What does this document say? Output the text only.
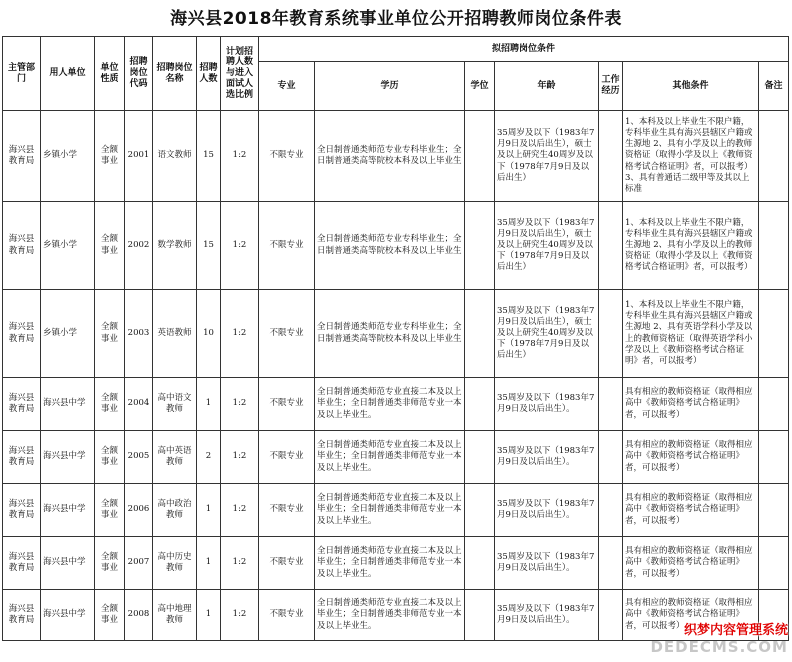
海兴县2018年教育系统事业单位公开招聘教师岗位条件表
主管部门	用人单位	单位性质	招聘岗位代码	招聘岗位名称	招聘人数	计划招聘人数与进入面试人选比例	拟招聘岗位条件						
							专业	学历	学位	年龄	工作经历	其他条件	备注
海兴县教育局	乡镇小学	全额事业	2001	语文教师	15	1:2	不限专业	全日制普通类师范专业专科毕业生；全日制普通类高等院校本科及以上毕业生		35周岁及以下（1983年7月9日及以后出生），硕士及以上研究生40周岁及以下（1978年7月9日及以后出生）		1、本科及以上毕业生不限户籍，专科毕业生具有海兴县辖区户籍或生源地 2、具有小学及以上的教师资格证（取得小学及以上《教师资格考试合格证明》者，可以报考） 3、具有普通话二级甲等及其以上标准	
海兴县教育局	乡镇小学	全额事业	2002	数学教师	15	1:2	不限专业	全日制普通类师范专业专科毕业生；全日制普通类高等院校本科及以上毕业生		35周岁及以下（1983年7月9日及以后出生），硕士及以上研究生40周岁及以下（1978年7月9日及以后出生）		1、本科及以上毕业生不限户籍，专科毕业生具有海兴县辖区户籍或生源地 2、具有小学及以上的教师资格证（取得小学及以上《教师资格考试合格证明》者，可以报考）	
海兴县教育局	乡镇小学	全额事业	2003	英语教师	10	1:2	不限专业	全日制普通类师范专业专科毕业生；全日制普通类高等院校本科及以上毕业生		35周岁及以下（1983年7月9日及以后出生），硕士及以上研究生40周岁及以下（1978年7月9日及以后出生）		1、本科及以上毕业生不限户籍，专科毕业生具有海兴县辖区户籍或生源地 2、具有英语学科小学及以上的教师资格证（取得英语学科小学及以上《教师资格考试合格证明》者，可以报考）	
海兴县教育局	海兴县中学	全额事业	2004	高中语文教师	1	1:2	不限专业	全日制普通类师范专业直接二本及以上毕业生；全日制普通类非师范专业一本及以上毕业生。		35周岁及以下（1983年7月9日及以后出生）。		具有相应的教师资格证（取得相应高中《教师资格考试合格证明》者，可以报考）	
海兴县教育局	海兴县中学	全额事业	2005	高中英语教师	2	1:2	不限专业	全日制普通类师范专业直接二本及以上毕业生；全日制普通类非师范专业一本及以上毕业生。		35周岁及以下（1983年7月9日及以后出生）。		具有相应的教师资格证（取得相应高中《教师资格考试合格证明》者，可以报考）	
海兴县教育局	海兴县中学	全额事业	2006	高中政治教师	1	1:2	不限专业	全日制普通类师范专业直接二本及以上毕业生；全日制普通类非师范专业一本及以上毕业生。		35周岁及以下（1983年7月9日及以后出生）。		具有相应的教师资格证（取得相应高中《教师资格考试合格证明》者，可以报考）	
海兴县教育局	海兴县中学	全额事业	2007	高中历史教师	1	1:2	不限专业	全日制普通类师范专业直接二本及以上毕业生；全日制普通类非师范专业一本及以上毕业生。		35周岁及以下（1983年7月9日及以后出生）。		具有相应的教师资格证（取得相应高中《教师资格考试合格证明》者，可以报考）	
海兴县教育局	海兴县中学	全额事业	2008	高中地理教师	1	1:2	不限专业	全日制普通类师范专业直接二本及以上毕业生；全日制普通类非师范专业一本及以上毕业生。		35周岁及以下（1983年7月9日及以后出生）。		具有相应的教师资格证（取得相应高中《教师资格考试合格证明》者，可以报考）	织梦内容管理系统
DEDECMS.COM
